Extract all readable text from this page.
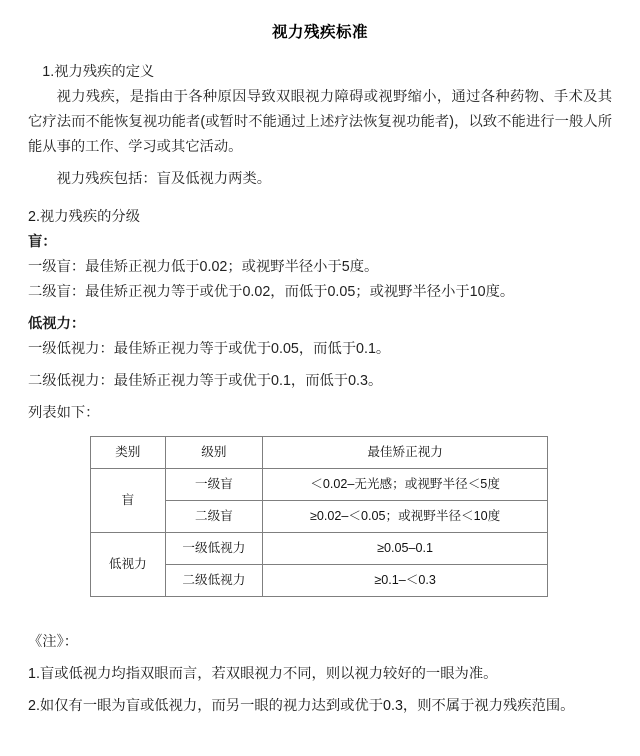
视力残疾标准

1.视力残疾的定义

视力残疾，是指由于各种原因导致双眼视力障碍或视野缩小，通过各种药物、手术及其它疗法而不能恢复视功能者(或暂时不能通过上述疗法恢复视功能者)，以致不能进行一般人所能从事的工作、学习或其它活动。

视力残疾包括：盲及低视力两类。

2.视力残疾的分级

盲：

一级盲：最佳矫正视力低于0.02；或视野半径小于5度。

二级盲：最佳矫正视力等于或优于0.02，而低于0.05；或视野半径小于10度。

低视力：

一级低视力：最佳矫正视力等于或优于0.05，而低于0.1。

二级低视力：最佳矫正视力等于或优于0.1，而低于0.3。

列表如下：

类别	级别	最佳矫正视力
盲	一级盲	＜0.02–无光感；或视野半径＜5度
	二级盲	≥0.02–＜0.05；或视野半径＜10度
低视力	一级低视力	≥0.05–0.1
	二级低视力	≥0.1–＜0.3

《注》：

1.盲或低视力均指双眼而言，若双眼视力不同，则以视力较好的一眼为准。

2.如仅有一眼为盲或低视力，而另一眼的视力达到或优于0.3，则不属于视力残疾范围。
